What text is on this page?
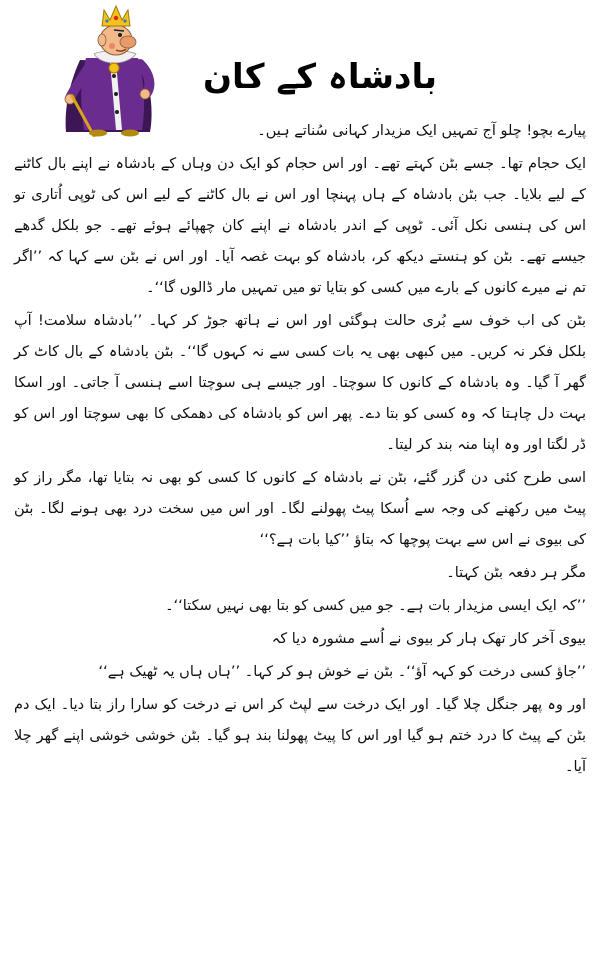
بادشاہ کے کان

پیارے بچو! چلو آج تمہیں ایک مزیدار کہانی سُناتے ہیں۔

ایک حجام تھا۔ جسے بٹن کہتے تھے۔ اور اس حجام کو ایک دن وہاں کے بادشاہ نے اپنے بال کاٹنے کے لیے بلایا۔ جب بٹن بادشاہ کے ہاں پہنچا اور اس نے بال کاٹنے کے لیے اس کی ٹوپی اُتاری تو اس کی ہنسی نکل آئی۔ ٹوپی کے اندر بادشاہ نے اپنے کان چھپائے ہوئے تھے۔ جو بلکل گدھے جیسے تھے۔ بٹن کو ہنستے دیکھ کر، بادشاہ کو بہت غصہ آیا۔ اور اس نے بٹن سے کہا کہ ’’اگر تم نے میرے کانوں کے بارے میں کسی کو بتایا تو میں تمہیں مار ڈالوں گا‘‘۔

بٹن کی اب خوف سے بُری حالت ہوگئی اور اس نے ہاتھ جوڑ کر کہا۔ ’’بادشاہ سلامت! آپ بلکل فکر نہ کریں۔ میں کبھی بھی یہ بات کسی سے نہ کہوں گا‘‘۔ بٹن بادشاہ کے بال کاٹ کر گھر آ گیا۔ وہ بادشاہ کے کانوں کا سوچتا۔ اور جیسے ہی سوچتا اسے ہنسی آ جاتی۔ اور اسکا بہت دل چاہتا کہ وہ کسی کو بتا دے۔ پھر اس کو بادشاہ کی دھمکی کا بھی سوچتا اور اس کو ڈر لگتا اور وہ اپنا منہ بند کر لیتا۔

اسی طرح کئی دن گزر گئے، بٹن نے بادشاہ کے کانوں کا کسی کو بھی نہ بتایا تھا، مگر راز کو پیٹ میں رکھنے کی وجہ سے اُسکا پیٹ پھولنے لگا۔ اور اس میں سخت درد بھی ہونے لگا۔ بٹن کی بیوی نے اس سے بہت پوچھا کہ بتاؤ ’’کیا بات ہے؟‘‘

مگر ہر دفعہ بٹن کہتا۔

’’کہ ایک ایسی مزیدار بات ہے۔ جو میں کسی کو بتا بھی نہیں سکتا‘‘۔

بیوی آخر کار تھک ہار کر بیوی نے اُسے مشورہ دیا کہ

’’جاؤ کسی درخت کو کہہ آؤ‘‘۔ بٹن نے خوش ہو کر کہا۔ ’’ہاں ہاں یہ ٹھیک ہے‘‘

اور وہ پھر جنگل چلا گیا۔ اور ایک درخت سے لپٹ کر اس نے درخت کو سارا راز بتا دیا۔ ایک دم بٹن کے پیٹ کا درد ختم ہو گیا اور اس کا پیٹ پھولنا بند ہو گیا۔ بٹن خوشی خوشی اپنے گھر چلا آیا۔
